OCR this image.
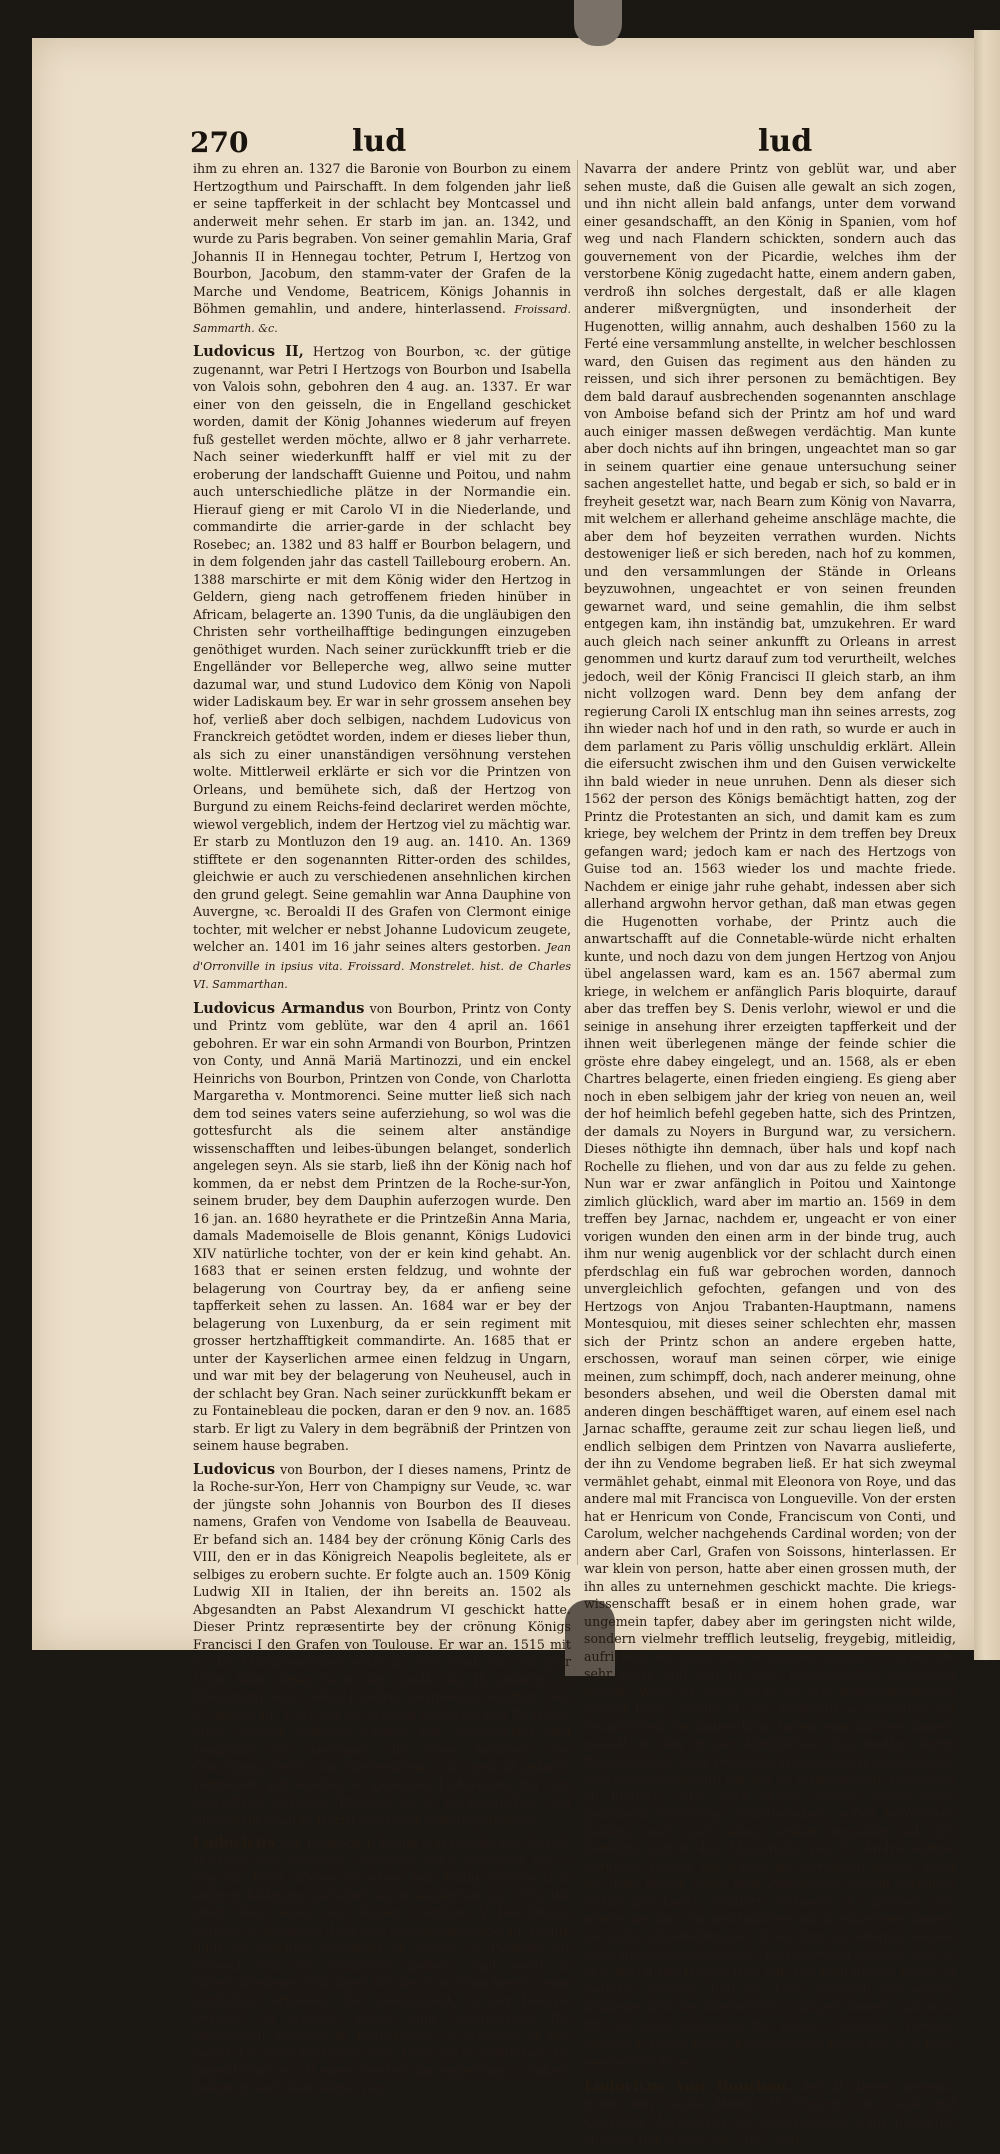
270	lud	lud

ihm zu ehren an. 1327 die Baronie von Bourbon zu einem Hertzogthum und Pairschafft. In dem folgenden jahr ließ er seine tapfferkeit in der schlacht bey Montcassel und anderweit mehr sehen. Er starb im jan. an. 1342, und wurde zu Paris begraben. Von seiner gemahlin Maria, Graf Johannis II in Hennegau tochter, Petrum I, Hertzog von Bourbon, Jacobum, den stamm-vater der Grafen de la Marche und Vendome, Beatricem, Königs Johannis in Böhmen gemahlin, und andere, hinterlassend. Froissard. Sammarth. &c.

Ludovicus II, Hertzog von Bourbon, ꝛc. der gütige zugenannt, war Petri I Hertzogs von Bourbon und Isabella von Valois sohn, gebohren den 4 aug. an. 1337. Er war einer von den geisseln, die in Engelland geschicket worden, damit der König Johannes wiederum auf freyen fuß gestellet werden möchte, allwo er 8 jahr verharrete. Nach seiner wiederkunfft halff er viel mit zu der eroberung der landschafft Guienne und Poitou, und nahm auch unterschiedliche plätze in der Normandie ein. Hierauf gieng er mit Carolo VI in die Niederlande, und commandirte die arrier-garde in der schlacht bey Rosebec; an. 1382 und 83 halff er Bourbon belagern, und in dem folgenden jahr das castell Taillebourg erobern. An. 1388 marschirte er mit dem König wider den Hertzog in Geldern, gieng nach getroffenem frieden hinüber in Africam, belagerte an. 1390 Tunis, da die ungläubigen den Christen sehr vortheilhafftige bedingungen einzugeben genöthiget wurden. Nach seiner zurückkunfft trieb er die Engelländer vor Belleperche weg, allwo seine mutter dazumal war, und stund Ludovico dem König von Napoli wider Ladiskaum bey. Er war in sehr grossem ansehen bey hof, verließ aber doch selbigen, nachdem Ludovicus von Franckreich getödtet worden, indem er dieses lieber thun, als sich zu einer unanständigen versöhnung verstehen wolte. Mittlerweil erklärte er sich vor die Printzen von Orleans, und bemühete sich, daß der Hertzog von Burgund zu einem Reichs-feind declariret werden möchte, wiewol vergeblich, indem der Hertzog viel zu mächtig war. Er starb zu Montluzon den 19 aug. an. 1410. An. 1369 stifftete er den sogenannten Ritter-orden des schildes, gleichwie er auch zu verschiedenen ansehnlichen kirchen den grund gelegt. Seine gemahlin war Anna Dauphine von Auvergne, ꝛc. Beroaldi II des Grafen von Clermont einige tochter, mit welcher er nebst Johanne Ludovicum zeugete, welcher an. 1401 im 16 jahr seines alters gestorben. Jean d'Orronville in ipsius vita. Froissard. Monstrelet. hist. de Charles VI. Sammarthan.

Ludovicus Armandus von Bourbon, Printz von Conty und Printz vom geblüte, war den 4 april an. 1661 gebohren. Er war ein sohn Armandi von Bourbon, Printzen von Conty, und Annä Mariä Martinozzi, und ein enckel Heinrichs von Bourbon, Printzen von Conde, von Charlotta Margaretha v. Montmorenci. Seine mutter ließ sich nach dem tod seines vaters seine auferziehung, so wol was die gottesfurcht als die seinem alter anständige wissenschafften und leibes-übungen belanget, sonderlich angelegen seyn. Als sie starb, ließ ihn der König nach hof kommen, da er nebst dem Printzen de la Roche-sur-Yon, seinem bruder, bey dem Dauphin auferzogen wurde. Den 16 jan. an. 1680 heyrathete er die Printzeßin Anna Maria, damals Mademoiselle de Blois genannt, Königs Ludovici XIV natürliche tochter, von der er kein kind gehabt. An. 1683 that er seinen ersten feldzug, und wohnte der belagerung von Courtray bey, da er anfieng seine tapfferkeit sehen zu lassen. An. 1684 war er bey der belagerung von Luxenburg, da er sein regiment mit grosser hertzhafftigkeit commandirte. An. 1685 that er unter der Kayserlichen armee einen feldzug in Ungarn, und war mit bey der belagerung von Neuheusel, auch in der schlacht bey Gran. Nach seiner zurückkunfft bekam er zu Fontainebleau die pocken, daran er den 9 nov. an. 1685 starb. Er ligt zu Valery in dem begräbniß der Printzen von seinem hause begraben.

Ludovicus von Bourbon, der I dieses namens, Printz de la Roche-sur-Yon, Herr von Champigny sur Veude, ꝛc. war der jüngste sohn Johannis von Bourbon des II dieses namens, Grafen von Vendome von Isabella de Beauveau. Er befand sich an. 1484 bey der crönung König Carls des VIII, den er in das Königreich Neapolis begleitete, als er selbiges zu erobern suchte. Er folgte auch an. 1509 König Ludwig XII in Italien, der ihn bereits an. 1502 als Abgesandten an Pabst Alexandrum VI geschickt hatte. Dieser Printz repræsentirte bey der crönung Königs Francisci I den Grafen von Toulouse. Er war an. 1515 mit in der Marignanischen schlacht, und starb um das jahr 1520. Sein cörper ist in der capelle des H. Ludwigs zu Champigny, so er selbst fundiret, beygesetzet worden. Den 21 martii an. 1504 hat er sich mit Ludovica von Bourbon, einer tochter Gilberts, Grafen von Montpensier und Dauphins von Auvergne, die zuvor Andream von Chauvigny, Herrn von Chateauroux, zum gemahl gehabt, vermählet, mit welcher er gezeuget Ludovicum, der ihm succediret; Carolum, Printzen de la Roche-sur-Yon, und Susannam, Claudii Herrn von Rieur andere gemahlin.

Ludovicus von Bourbon I, Printz von Condé, war Caroli, Hertzogs von Vendome, siebender sohn, gebohren den 7 may an. 1530. Wiewol er schon dem König Henrico II in einigen feldzügen gefolget, auch sonderlich an. 1552 die stadt Metz wider den Kayser Carolum V beschützen helffen, so fienge er doch erst nach dessen tode an, rechte figur zu machen, nachdem er vorher in Piemont als Colonel von der infanterie gedient, und sonst in unterschiedenen feldzügen für die Cron Franckreich seine tapfferkeit erwiesen. Die gelegenheit, in der historie bekannt zu werden, gaben ihm meistentheils die innerlichen unruhen in Franckreich, in welchen er das haupt der einen partheyen war. Denn als er hoffte bey der jugend Francisci II einen theil an der regierung zu haben, indem er nach dem König von

Navarra der andere Printz von geblüt war, und aber sehen muste, daß die Guisen alle gewalt an sich zogen, und ihn nicht allein bald anfangs, unter dem vorwand einer gesandschafft, an den König in Spanien, vom hof weg und nach Flandern schickten, sondern auch das gouvernement von der Picardie, welches ihm der verstorbene König zugedacht hatte, einem andern gaben, verdroß ihn solches dergestalt, daß er alle klagen anderer mißvergnügten, und insonderheit der Hugenotten, willig annahm, auch deshalben 1560 zu la Ferté eine versammlung anstellte, in welcher beschlossen ward, den Guisen das regiment aus den händen zu reissen, und sich ihrer personen zu bemächtigen. Bey dem bald darauf ausbrechenden sogenannten anschlage von Amboise befand sich der Printz am hof und ward auch einiger massen deßwegen verdächtig. Man kunte aber doch nichts auf ihn bringen, ungeachtet man so gar in seinem quartier eine genaue untersuchung seiner sachen angestellet hatte, und begab er sich, so bald er in freyheit gesetzt war, nach Bearn zum König von Navarra, mit welchem er allerhand geheime anschläge machte, die aber dem hof beyzeiten verrathen wurden. Nichts destoweniger ließ er sich bereden, nach hof zu kommen, und den versammlungen der Stände in Orleans beyzuwohnen, ungeachtet er von seinen freunden gewarnet ward, und seine gemahlin, die ihm selbst entgegen kam, ihn inständig bat, umzukehren. Er ward auch gleich nach seiner ankunfft zu Orleans in arrest genommen und kurtz darauf zum tod verurtheilt, welches jedoch, weil der König Francisci II gleich starb, an ihm nicht vollzogen ward. Denn bey dem anfang der regierung Caroli IX entschlug man ihn seines arrests, zog ihn wieder nach hof und in den rath, so wurde er auch in dem parlament zu Paris völlig unschuldig erklärt. Allein die eifersucht zwischen ihm und den Guisen verwickelte ihn bald wieder in neue unruhen. Denn als dieser sich 1562 der person des Königs bemächtigt hatten, zog der Printz die Protestanten an sich, und damit kam es zum kriege, bey welchem der Printz in dem treffen bey Dreux gefangen ward; jedoch kam er nach des Hertzogs von Guise tod an. 1563 wieder los und machte friede. Nachdem er einige jahr ruhe gehabt, indessen aber sich allerhand argwohn hervor gethan, daß man etwas gegen die Hugenotten vorhabe, der Printz auch die anwartschafft auf die Connetable-würde nicht erhalten kunte, und noch dazu von dem jungen Hertzog von Anjou übel angelassen ward, kam es an. 1567 abermal zum kriege, in welchem er anfänglich Paris bloquirte, darauf aber das treffen bey S. Denis verlohr, wiewol er und die seinige in ansehung ihrer erzeigten tapfferkeit und der ihnen weit überlegenen mänge der feinde schier die gröste ehre dabey eingelegt, und an. 1568, als er eben Chartres belagerte, einen frieden eingieng. Es gieng aber noch in eben selbigem jahr der krieg von neuen an, weil der hof heimlich befehl gegeben hatte, sich des Printzen, der damals zu Noyers in Burgund war, zu versichern. Dieses nöthigte ihn demnach, über hals und kopf nach Rochelle zu fliehen, und von dar aus zu felde zu gehen. Nun war er zwar anfänglich in Poitou und Xaintonge zimlich glücklich, ward aber im martio an. 1569 in dem treffen bey Jarnac, nachdem er, ungeacht er von einer vorigen wunden den einen arm in der binde trug, auch ihm nur wenig augenblick vor der schlacht durch einen pferdschlag ein fuß war gebrochen worden, dannoch unvergleichlich gefochten, gefangen und von des Hertzogs von Anjou Trabanten-Hauptmann, namens Montesquiou, mit dieses seiner schlechten ehr, massen sich der Printz schon an andere ergeben hatte, erschossen, worauf man seinen cörper, wie einige meinen, zum schimpff, doch, nach anderer meinung, ohne besonders absehen, und weil die Obersten damal mit anderen dingen beschäfftiget waren, auf einem esel nach Jarnac schaffte, geraume zeit zur schau liegen ließ, und endlich selbigen dem Printzen von Navarra auslieferte, der ihn zu Vendome begraben ließ. Er hat sich zweymal vermählet gehabt, einmal mit Eleonora von Roye, und das andere mal mit Francisca von Longueville. Von der ersten hat er Henricum von Conde, Franciscum von Conti, und Carolum, welcher nachgehends Cardinal worden; von der andern aber Carl, Grafen von Soissons, hinterlassen. Er war klein von person, hatte aber einen grossen muth, der ihn alles zu unternehmen geschickt machte. Die kriegs-wissenschafft besaß er in einem hohen grade, war ungemein tapfer, dabey aber im geringsten nicht wilde, sondern vielmehr trefflich leutselig, freygebig, mitleidig, aufrichtig, ein feind aller schlimmen räncke. Er schertzte sehr gern, und war in allen gelegenheiten ausbündig beredt. Wenn er nicht stets so viel widerwärtigkeiten gehabt hätte, würde er sich vielleicht so wollüstig und insonderheit die frauen-liebe haben einschläffern lassen, gestalt er den in der Königlichen frau mutter ihrem frauenzimmer zwey berühmte liebes-abentheuren gehabt, welche die Regentin, um ihn an ernsthafftern gedancken zu hindern, oder auch durch solches mittel seine geheimen vorschläge auszuforschen, selbst beförderen helffen, auch nach seiner ersten gemahlin tod sich bemühte durch des Marschalls von S. Andre wittwe berücken lassen, um solche zu heyrathen; wiewol sonst die liebe dieser Dame dem Printzen in seinem vorhaben nichts geschadet, sondern vielmehr ihr grosses gut, wovon sie ihm ein ansehnliches stück zukommen lassen, gar wohl aufgeholffen hat. Es wil ihm von einigen, wiewol ohne gnugsame gewißheit, beygemessen werden, daß er sich durch die Hugenotten auf den Königlichen thron zu zwingen gesucht, und an. 1567 müntzen mit seinem bildnisse und der überschrifft schlagen lassen; Ludovicus XIII Dei gratia Francorum Rex primus Christianus. Thuanus. Mezerai. P. Daniel. Davila. Brantome capit. Franc. tom. 3. le Blanc memoires de France. *

Ludovicus von Bourbon, der II dieses namens, Printz von Conde, Henrici II Printzen von Conde und Charlotta Margaretha von Montmorency sohn, gebohren zu Paris den 8 sept. an. 1621, war
